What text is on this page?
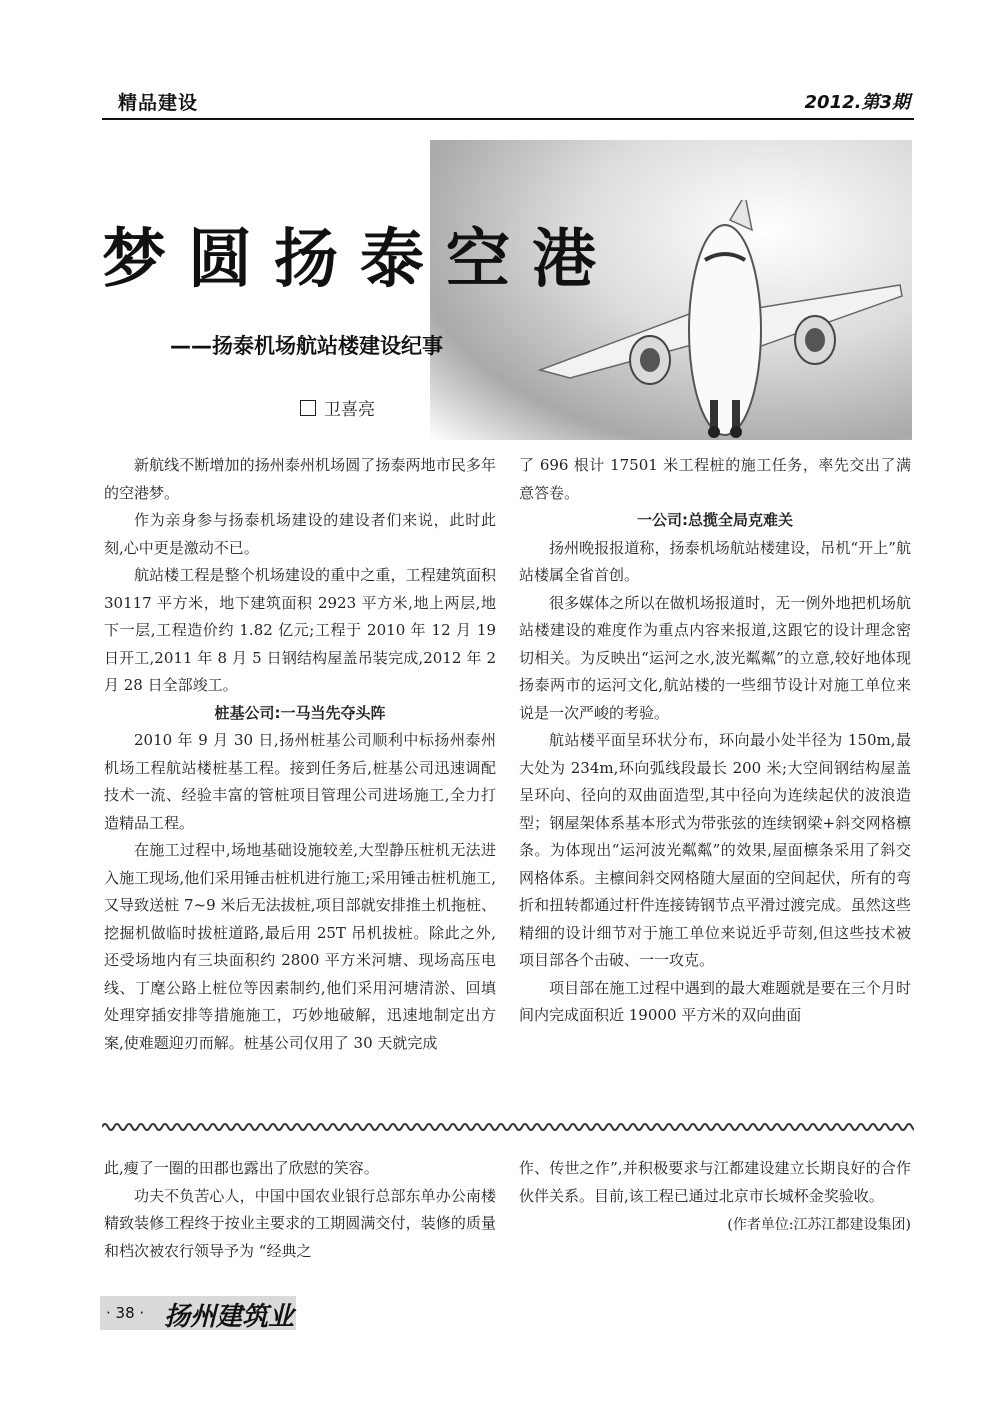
精品建设	2012.第3期
梦圆扬泰空港
——扬泰机场航站楼建设纪事
卫喜亮

新航线不断增加的扬州泰州机场圆了扬泰两地市民多年的空港梦。

作为亲身参与扬泰机场建设的建设者们来说，此时此刻,心中更是激动不已。

航站楼工程是整个机场建设的重中之重，工程建筑面积 30117 平方米，地下建筑面积 2923 平方米,地上两层,地下一层,工程造价约 1.82 亿元;工程于 2010 年 12 月 19 日开工,2011 年 8 月 5 日钢结构屋盖吊装完成,2012 年 2 月 28 日全部竣工。

桩基公司:一马当先夺头阵

2010 年 9 月 30 日,扬州桩基公司顺利中标扬州泰州机场工程航站楼桩基工程。接到任务后,桩基公司迅速调配技术一流、经验丰富的管桩项目管理公司进场施工,全力打造精品工程。

在施工过程中,场地基础设施较差,大型静压桩机无法进入施工现场,他们采用锤击桩机进行施工;采用锤击桩机施工,又导致送桩 7~9 米后无法拔桩,项目部就安排推土机拖桩、挖掘机做临时拔桩道路,最后用 25T 吊机拔桩。除此之外,还受场地内有三块面积约 2800 平方米河塘、现场高压电线、丁麾公路上桩位等因素制约,他们采用河塘清淤、回填处理穿插安排等措施施工，巧妙地破解，迅速地制定出方案,使难题迎刃而解。桩基公司仅用了 30 天就完成

了 696 根计 17501 米工程桩的施工任务，率先交出了满意答卷。

一公司:总揽全局克难关

扬州晚报报道称，扬泰机场航站楼建设，吊机“开上”航站楼属全省首创。

很多媒体之所以在做机场报道时，无一例外地把机场航站楼建设的难度作为重点内容来报道,这跟它的设计理念密切相关。为反映出“运河之水,波光粼粼”的立意,较好地体现扬泰两市的运河文化,航站楼的一些细节设计对施工单位来说是一次严峻的考验。

航站楼平面呈环状分布，环向最小处半径为 150m,最大处为 234m,环向弧线段最长 200 米;大空间钢结构屋盖呈环向、径向的双曲面造型,其中径向为连续起伏的波浪造型；钢屋架体系基本形式为带张弦的连续钢梁+斜交网格檩条。为体现出“运河波光粼粼”的效果,屋面檩条采用了斜交网格体系。主檩间斜交网格随大屋面的空间起伏，所有的弯折和扭转都通过杆件连接铸钢节点平滑过渡完成。虽然这些精细的设计细节对于施工单位来说近乎苛刻,但这些技术被项目部各个击破、一一攻克。

项目部在施工过程中遇到的最大难题就是要在三个月时间内完成面积近 19000 平方米的双向曲面

此,瘦了一圈的田郡也露出了欣慰的笑容。

功夫不负苦心人，中国中国农业银行总部东单办公南楼精致装修工程终于按业主要求的工期圆满交付，装修的质量和档次被农行领导予为 “经典之

作、传世之作”,并积极要求与江都建设建立长期良好的合作伙伴关系。目前,该工程已通过北京市长城杯金奖验收。

(作者单位:江苏江都建设集团)
· 38 · 扬州建筑业
